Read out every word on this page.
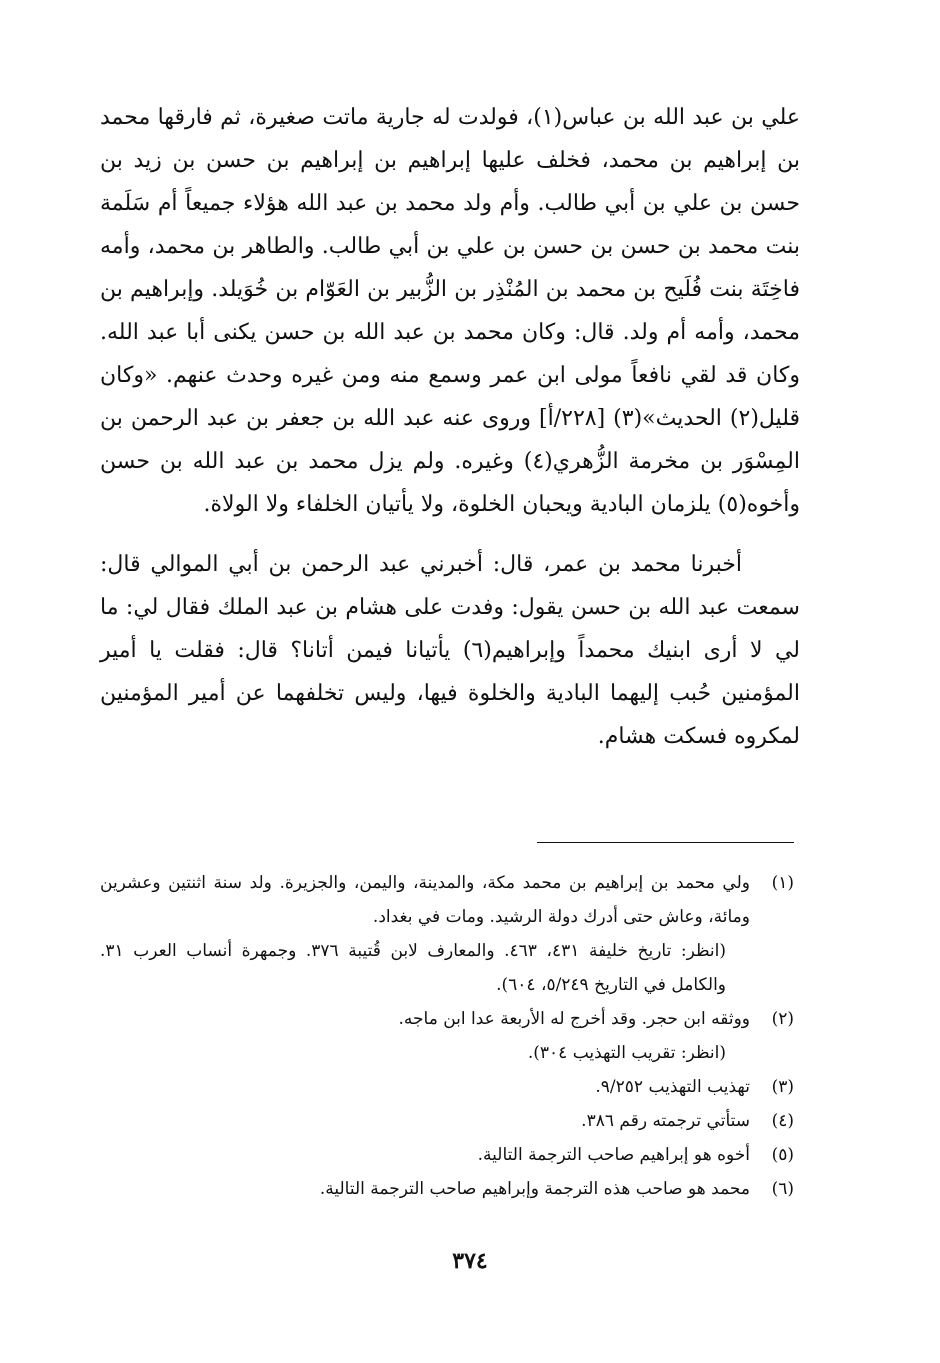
علي بن عبد الله بن عباس(١)، فولدت له جارية ماتت صغيرة، ثم فارقها محمد بن إبراهيم بن محمد، فخلف عليها إبراهيم بن إبراهيم بن حسن بن زيد بن حسن بن علي بن أبي طالب. وأم ولد محمد بن عبد الله هؤلاء جميعاً أم سَلَمة بنت محمد بن حسن بن حسن بن علي بن أبي طالب. والطاهر بن محمد، وأمه فاخِتَة بنت فُلَيح بن محمد بن المُنْذِر بن الزُّبير بن العَوّام بن خُوَيلد. وإبراهيم بن محمد، وأمه أم ولد. قال: وكان محمد بن عبد الله بن حسن يكنى أبا عبد الله. وكان قد لقي نافعاً مولى ابن عمر وسمع منه ومن غيره وحدث عنهم. «وكان قليل(٢) الحديث»(٣) [٢٢٨/أ] وروى عنه عبد الله بن جعفر بن عبد الرحمن بن المِسْوَر بن مخرمة الزُّهري(٤) وغيره. ولم يزل محمد بن عبد الله بن حسن وأخوه(٥) يلزمان البادية ويحبان الخلوة، ولا يأتيان الخلفاء ولا الولاة.

أخبرنا محمد بن عمر، قال: أخبرني عبد الرحمن بن أبي الموالي قال: سمعت عبد الله بن حسن يقول: وفدت على هشام بن عبد الملك فقال لي: ما لي لا أرى ابنيك محمداً وإبراهيم(٦) يأتيانا فيمن أتانا؟ قال: فقلت يا أمير المؤمنين حُبب إليهما البادية والخلوة فيها، وليس تخلفهما عن أمير المؤمنين لمكروه فسكت هشام.

(١)
ولي محمد بن إبراهيم بن محمد مكة، والمدينة، واليمن، والجزيرة. ولد سنة اثنتين وعشرين ومائة، وعاش حتى أدرك دولة الرشيد. ومات في بغداد.
(انظر: تاريخ خليفة ٤٣١، ٤٦٣. والمعارف لابن قُتيبة ٣٧٦. وجمهرة أنساب العرب ٣١. والكامل في التاريخ ٥/٢٤٩، ٦٠٤).
(٢)
ووثقه ابن حجر. وقد أخرج له الأربعة عدا ابن ماجه.
(انظر: تقريب التهذيب ٣٠٤).
(٣)
تهذيب التهذيب ٩/٢٥٢.
(٤)
ستأتي ترجمته رقم ٣٨٦.
(٥)
أخوه هو إبراهيم صاحب الترجمة التالية.
(٦)
محمد هو صاحب هذه الترجمة وإبراهيم صاحب الترجمة التالية.
٣٧٤
